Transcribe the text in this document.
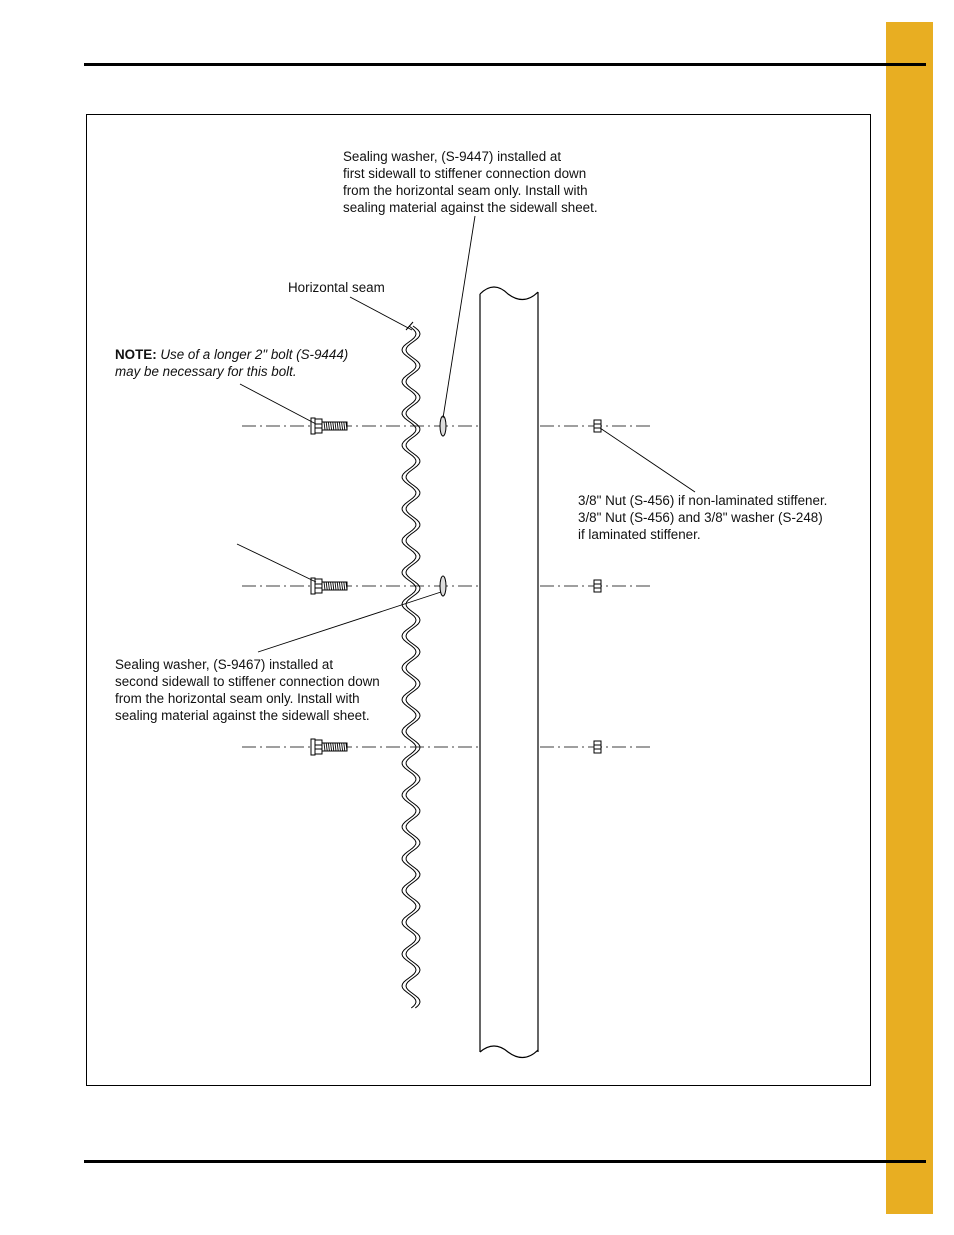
Sealing washer, (S-9447) installed at
first sidewall to stiffener connection down
from the horizontal seam only. Install with
sealing material against the sidewall sheet.
Horizontal seam
NOTE: Use of a longer 2" bolt (S-9444)
may be necessary for this bolt.
3/8" Nut (S-456) if non-laminated stiffener.
3/8" Nut (S-456) and 3/8" washer (S-248)
if laminated stiffener.
Sealing washer, (S-9467) installed at
second sidewall to stiffener connection down
from the horizontal seam only. Install with
sealing material against the sidewall sheet.
